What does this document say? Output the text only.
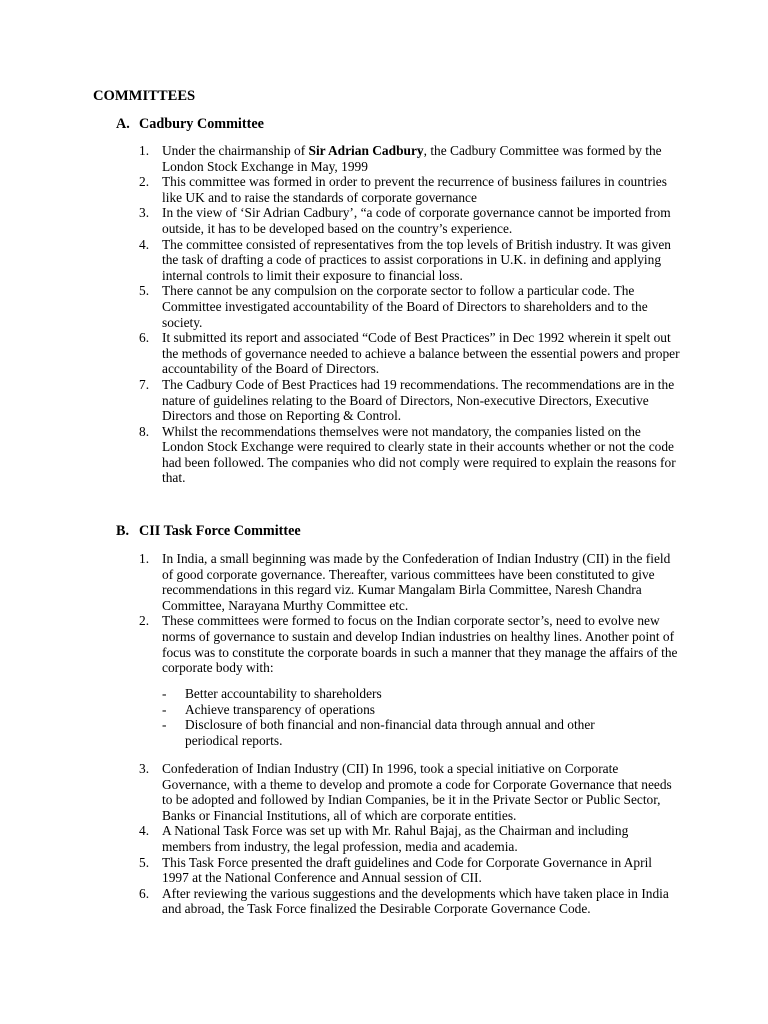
COMMITTEES
A. Cadbury Committee
1. Under the chairmanship of Sir Adrian Cadbury, the Cadbury Committee was formed by the London Stock Exchange in May, 1999
2. This committee was formed in order to prevent the recurrence of business failures in countries like UK and to raise the standards of corporate governance
3. In the view of ‘Sir Adrian Cadbury’, “a code of corporate governance cannot be imported from outside, it has to be developed based on the country’s experience.
4. The committee consisted of representatives from the top levels of British industry. It was given the task of drafting a code of practices to assist corporations in U.K. in defining and applying internal controls to limit their exposure to financial loss.
5. There cannot be any compulsion on the corporate sector to follow a particular code. The Committee investigated accountability of the Board of Directors to shareholders and to the society.
6. It submitted its report and associated “Code of Best Practices” in Dec 1992 wherein it spelt out the methods of governance needed to achieve a balance between the essential powers and proper accountability of the Board of Directors.
7. The Cadbury Code of Best Practices had 19 recommendations. The recommendations are in the nature of guidelines relating to the Board of Directors, Non-executive Directors, Executive Directors and those on Reporting & Control.
8. Whilst the recommendations themselves were not mandatory, the companies listed on the London Stock Exchange were required to clearly state in their accounts whether or not the code had been followed. The companies who did not comply were required to explain the reasons for that.
B. CII Task Force Committee
1. In India, a small beginning was made by the Confederation of Indian Industry (CII) in the field of good corporate governance. Thereafter, various committees have been constituted to give recommendations in this regard viz. Kumar Mangalam Birla Committee, Naresh Chandra Committee, Narayana Murthy Committee etc.
2. These committees were formed to focus on the Indian corporate sector’s, need to evolve new norms of governance to sustain and develop Indian industries on healthy lines. Another point of focus was to constitute the corporate boards in such a manner that they manage the affairs of the corporate body with:
- Better accountability to shareholders
- Achieve transparency of operations
- Disclosure of both financial and non-financial data through annual and other periodical reports.
3. Confederation of Indian Industry (CII) In 1996, took a special initiative on Corporate Governance, with a theme to develop and promote a code for Corporate Governance that needs to be adopted and followed by Indian Companies, be it in the Private Sector or Public Sector, Banks or Financial Institutions, all of which are corporate entities.
4. A National Task Force was set up with Mr. Rahul Bajaj, as the Chairman and including members from industry, the legal profession, media and academia.
5. This Task Force presented the draft guidelines and Code for Corporate Governance in April 1997 at the National Conference and Annual session of CII.
6. After reviewing the various suggestions and the developments which have taken place in India and abroad, the Task Force finalized the Desirable Corporate Governance Code.
